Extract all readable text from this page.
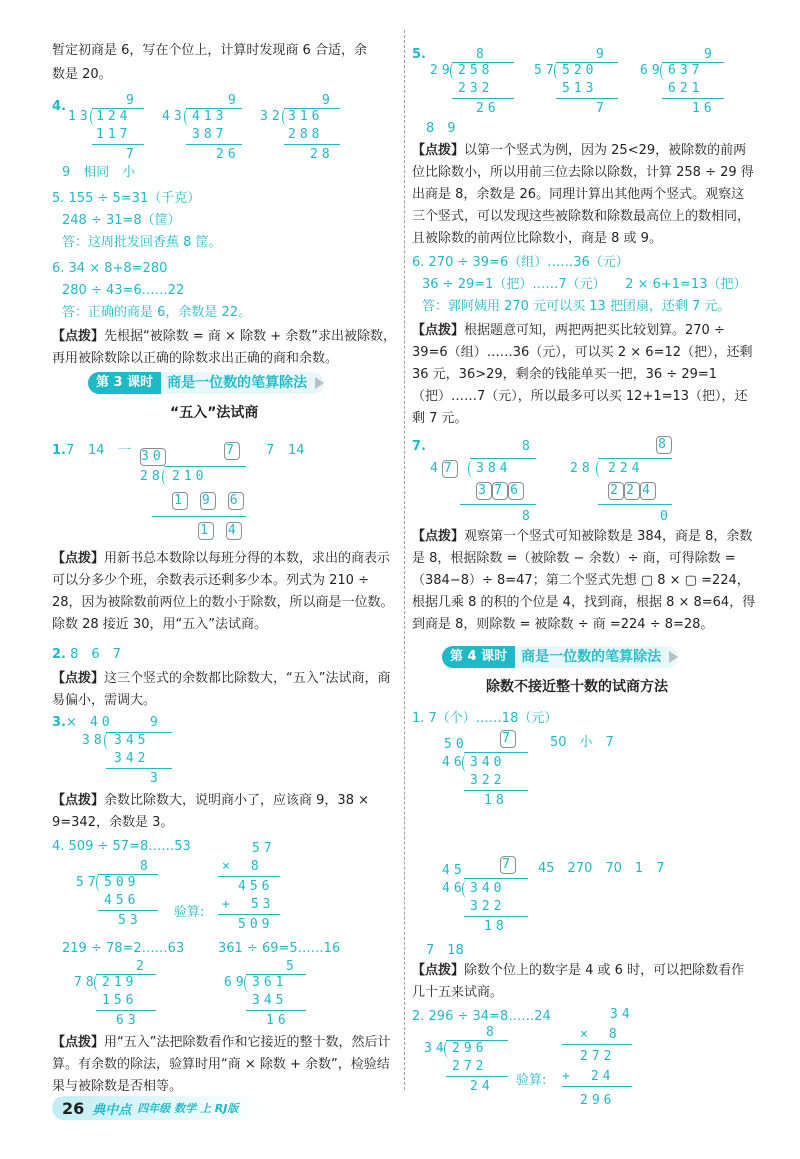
暂定初商是 6，写在个位上，计算时发现商 6 合适，余
数是 20。
4.	9
13 124
117
7
9
43 413
387
26
9
32 316
288
28
9　相同　小
5. 155 ÷ 5=31（千克）
248 ÷ 31=8（筐）
答：这周批发回香蕉 8 筐。
6. 34 × 8+8=280
280 ÷ 43=6……22
答：正确的商是 6，余数是 22。
【点拨】先根据“被除数 = 商 × 除数 + 余数”求出被除数，再用被除数除以正确的除数求出正确的商和余数。
第 3 课时	商是一位数的笔算除法
“五入”法试商
1. 7 14 一 30	7 7 14
28 210
1 9 6
1 4
【点拨】用新书总本数除以每班分得的本数，求出的商表示可以分多少个班，余数表示还剩多少本。列式为 210 ÷ 28，因为被除数前两位上的数小于除数，所以商是一位数。除数 28 接近 30，用“五入”法试商。
2. 8　6　7
【点拨】这三个竖式的余数都比除数大，“五入”法试商，商易偏小，需调大。
3.× 40	9
38 345
342
3
【点拨】余数比除数大，说明商小了，应该商 9，38 × 9=342，余数是 3。
4. 509 ÷ 57=8……53
8
57 509
456
53
验算:
57
×　8
456
+　53
509
219 ÷ 78=2……63	361 ÷ 69=5……16
2
78 219
156
63
5
69 361
345
16
【点拨】用“五入”法把除数看作和它接近的整十数，然后计算。有余数的除法，验算时用“商 × 除数 + 余数”，检验结果与被除数是否相等。
5.	8
29 258
232
26
9
57 520
513
7
9
69 637
621
16
8　9
【点拨】以第一个竖式为例，因为 25<29，被除数的前两位比除数小，所以用前三位去除以除数，计算 258 ÷ 29 得出商是 8，余数是 26。同理计算出其他两个竖式。观察这三个竖式，可以发现这些被除数和除数最高位上的数相同，且被除数的前两位比除数小，商是 8 或 9。
6. 270 ÷ 39=6（组）……36（元）
36 ÷ 29=1（把）……7（元）　　2 × 6+1=13（把）
答：郭阿姨用 270 元可以买 13 把团扇，还剩 7 元。
【点拨】根据题意可知，两把两把买比较划算。270 ÷ 39=6（组）……36（元），可以买 2 × 6=12（把），还剩 36 元，36>29，剩余的钱能单买一把，36 ÷ 29=1（把）……7（元），所以最多可以买 12+1=13（把），还剩 7 元。
7.	8
4 7 384
3 7 6
8
8
28 224
2 2 4
0
【点拨】观察第一个竖式可知被除数是 384，商是 8，余数是 8，根据除数 =（被除数 − 余数）÷ 商，可得除数 =（384−8）÷ 8=47；第二个竖式先想 ▢ 8 × ▢ =224，根据几乘 8 的积的个位是 4，找到商，根据 8 × 8=64，得到商是 8，则除数 = 被除数 ÷ 商 =224 ÷ 8=28。
第 4 课时	商是一位数的笔算除法
除数不接近整十数的试商方法
1. 7（个）……18（元）
50	7
46 340
322
18
50　小　7
45	7
46 340
322
18
45　270　70　1　7
7　18
【点拨】除数个位上的数字是 4 或 6 时，可以把除数看作几十五来试商。
2. 296 ÷ 34=8……24
8
34 296
272
24 验算:
34
×　8
272
+　24
296
26 典中点 四年级 数学 上 RJ版
